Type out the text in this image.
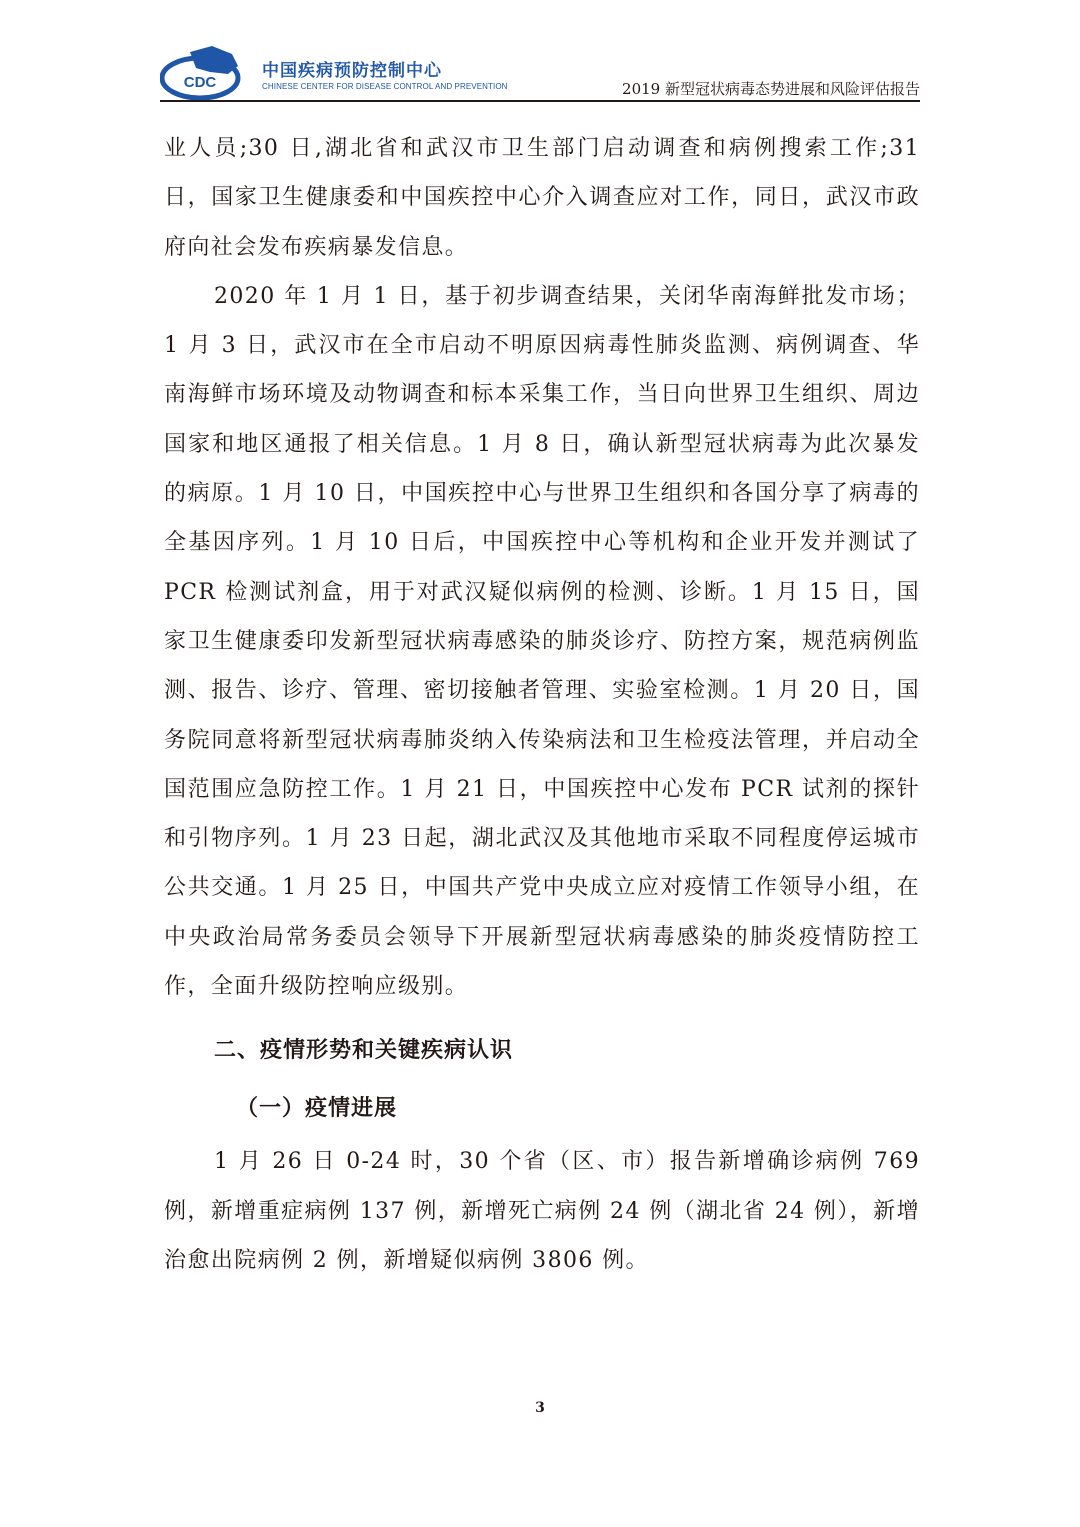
CDC
中国疾病预防控制中心
CHINESE CENTER FOR DISEASE CONTROL AND PREVENTION	2019 新型冠状病毒态势进展和风险评估报告

业人员;30 日,湖北省和武汉市卫生部门启动调查和病例搜索工作;31 日，国家卫生健康委和中国疾控中心介入调查应对工作，同日，武汉市政府向社会发布疾病暴发信息。

2020 年 1 月 1 日，基于初步调查结果，关闭华南海鲜批发市场；1 月 3 日，武汉市在全市启动不明原因病毒性肺炎监测、病例调查、华南海鲜市场环境及动物调查和标本采集工作，当日向世界卫生组织、周边国家和地区通报了相关信息。1 月 8 日，确认新型冠状病毒为此次暴发的病原。1 月 10 日，中国疾控中心与世界卫生组织和各国分享了病毒的全基因序列。1 月 10 日后，中国疾控中心等机构和企业开发并测试了 PCR 检测试剂盒，用于对武汉疑似病例的检测、诊断。1 月 15 日，国家卫生健康委印发新型冠状病毒感染的肺炎诊疗、防控方案，规范病例监测、报告、诊疗、管理、密切接触者管理、实验室检测。1 月 20 日，国务院同意将新型冠状病毒肺炎纳入传染病法和卫生检疫法管理，并启动全国范围应急防控工作。1 月 21 日，中国疾控中心发布 PCR 试剂的探针和引物序列。1 月 23 日起，湖北武汉及其他地市采取不同程度停运城市公共交通。1 月 25 日，中国共产党中央成立应对疫情工作领导小组，在中央政治局常务委员会领导下开展新型冠状病毒感染的肺炎疫情防控工作，全面升级防控响应级别。

二、疫情形势和关键疾病认识

（一）疫情进展

1 月 26 日 0-24 时，30 个省（区、市）报告新增确诊病例 769 例，新增重症病例 137 例，新增死亡病例 24 例（湖北省 24 例），新增治愈出院病例 2 例，新增疑似病例 3806 例。

3
